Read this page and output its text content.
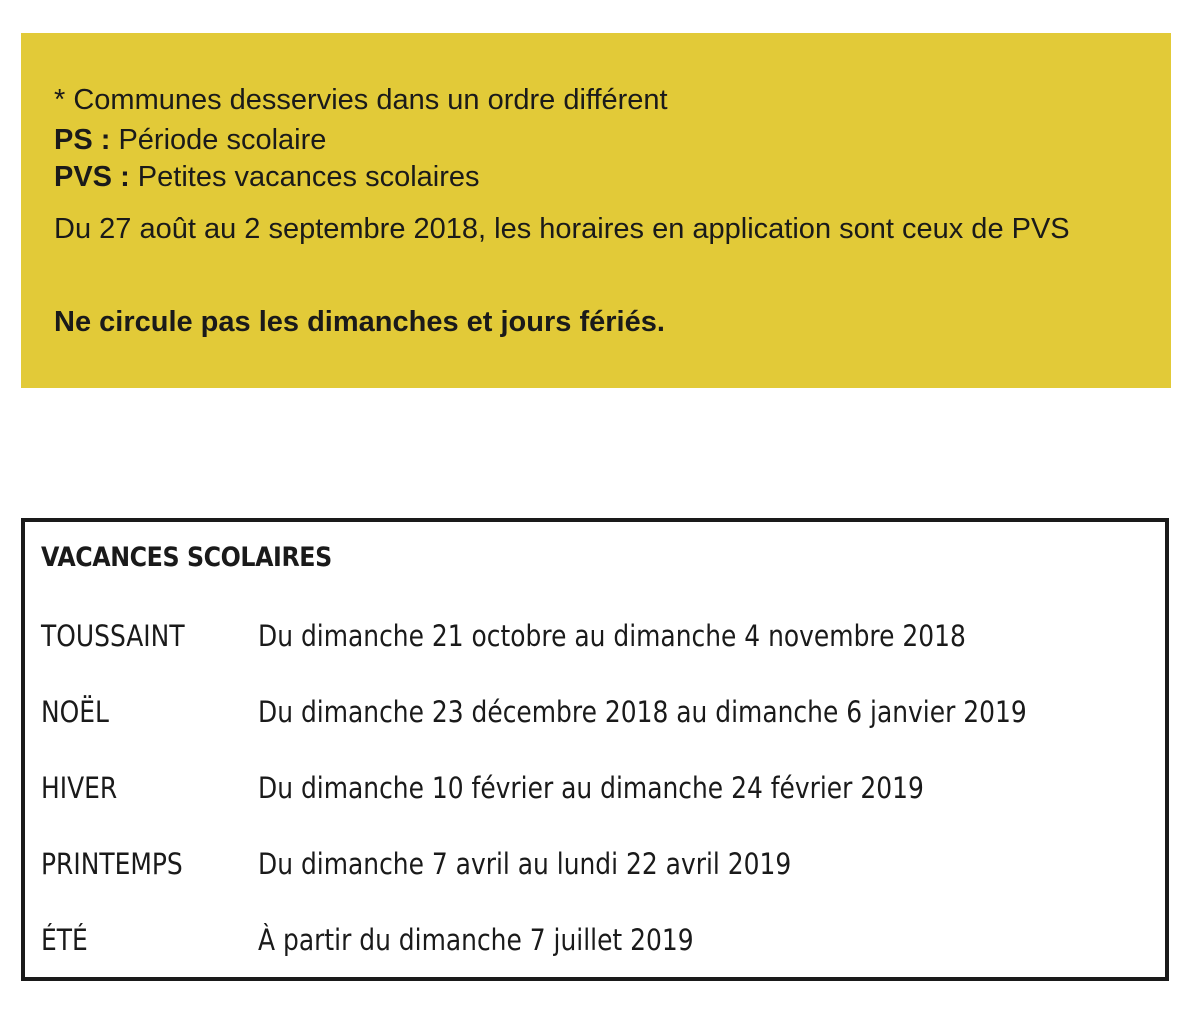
* Communes desservies dans un ordre différent
PS : Période scolaire
PVS : Petites vacances scolaires
Du 27 août au 2 septembre 2018, les horaires en application sont ceux de PVS
Ne circule pas les dimanches et jours fériés.
VACANCES SCOLAIRES
TOUSSAINT	Du dimanche 21 octobre au dimanche 4 novembre 2018
NOËL	Du dimanche 23 décembre 2018 au dimanche 6 janvier 2019
HIVER	Du dimanche 10 février au dimanche 24 février 2019
PRINTEMPS	Du dimanche 7 avril au lundi 22 avril 2019
ÉTÉ	À partir du dimanche 7 juillet 2019
